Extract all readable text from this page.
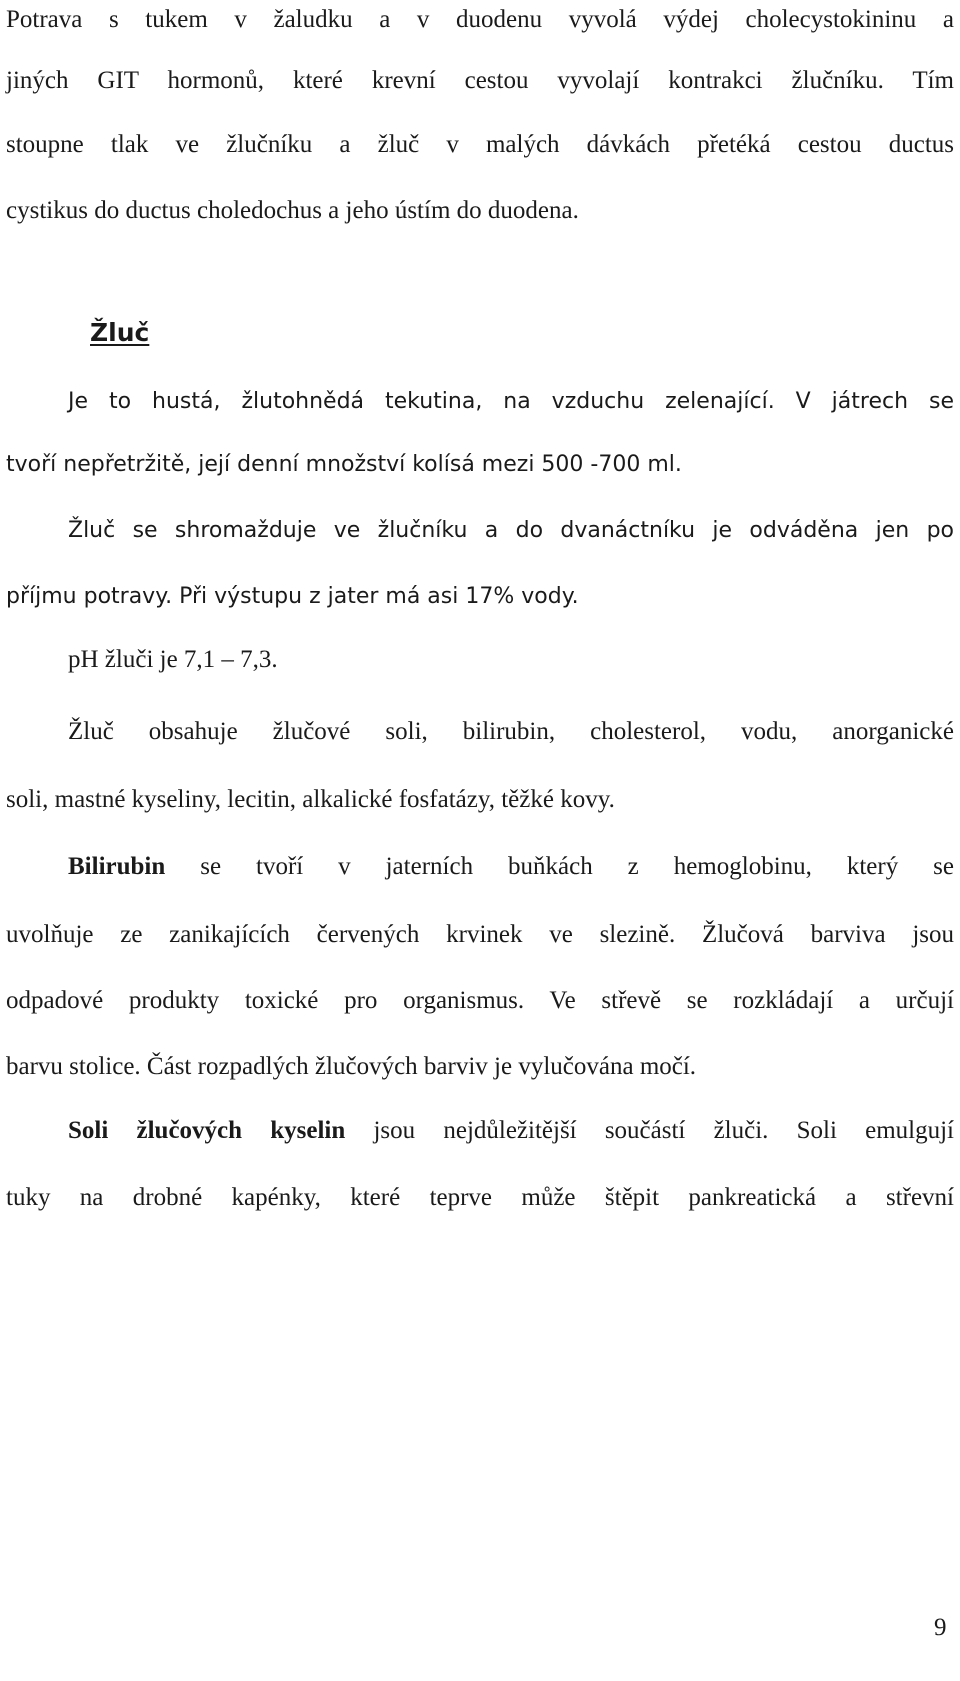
Potrava s tukem v žaludku a v duodenu vyvolá výdej cholecystokininu a
jiných GIT hormonů, které krevní cestou vyvolají kontrakci žlučníku. Tím
stoupne tlak ve žlučníku a žluč v malých dávkách přetéká cestou ductus
cystikus do ductus choledochus a jeho ústím do duodena.
Žluč
Je to hustá, žlutohnědá tekutina, na vzduchu zelenající. V játrech se
tvoří nepřetržitě, její denní množství kolísá mezi 500 -700 ml.
Žluč se shromažduje ve žlučníku a do dvanáctníku je odváděna jen po
příjmu potravy. Při výstupu z jater má asi 17% vody.
pH žluči je 7,1 – 7,3.
Žluč obsahuje žlučové soli, bilirubin, cholesterol, vodu, anorganické
soli, mastné kyseliny, lecitin, alkalické fosfatázy, těžké kovy.
Bilirubin se tvoří v jaterních buňkách z hemoglobinu, který se
uvolňuje ze zanikajících červených krvinek ve slezině. Žlučová barviva jsou
odpadové produkty toxické pro organismus. Ve střevě se rozkládají a určují
barvu stolice. Část rozpadlých žlučových barviv je vylučována močí.
Soli žlučových kyselin jsou nejdůležitější součástí žluči. Soli emulgují
tuky na drobné kapénky, které teprve může štěpit pankreatická a střevní
9
